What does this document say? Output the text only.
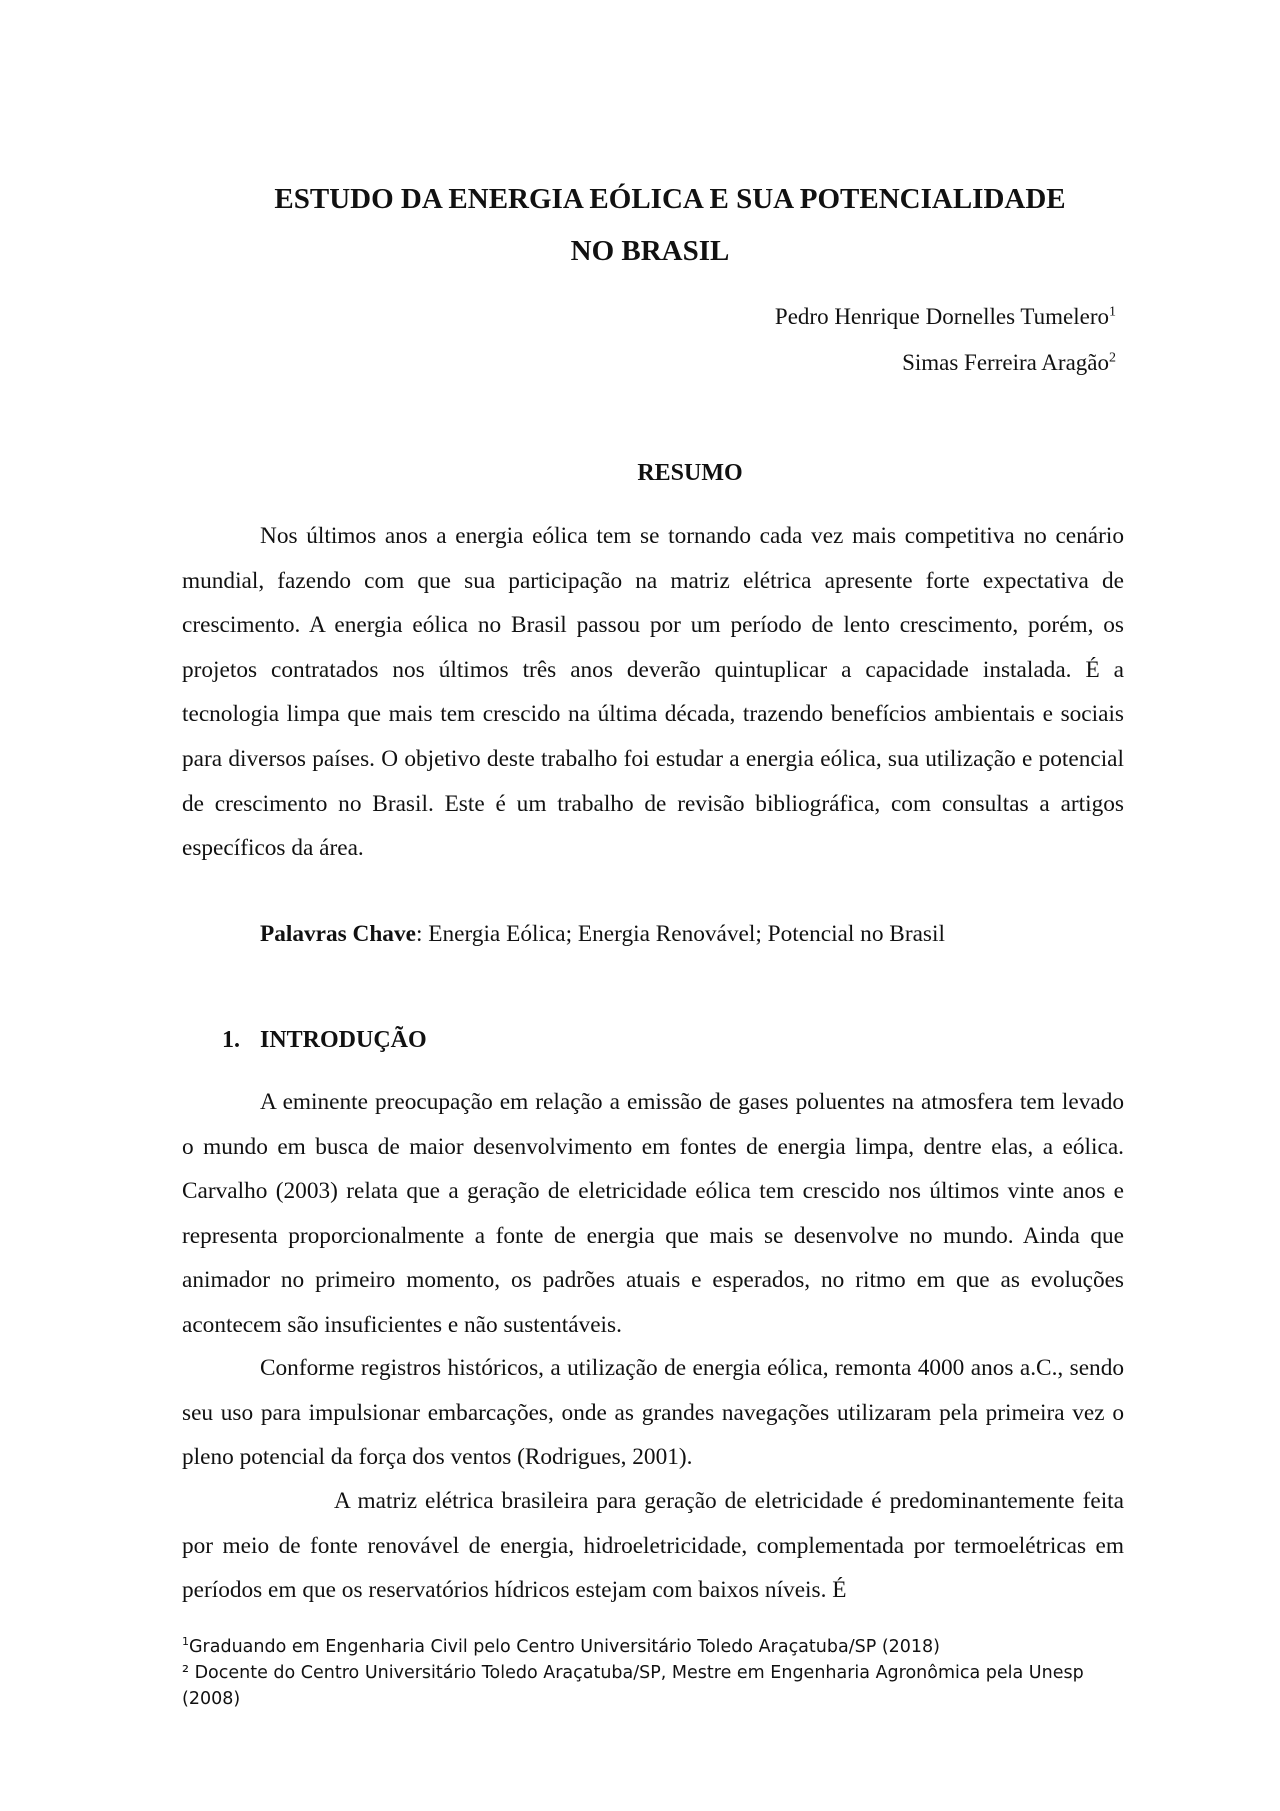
ESTUDO DA ENERGIA EÓLICA E SUA POTENCIALIDADE
NO BRASIL
Pedro Henrique Dornelles Tumelero$^1$
Simas Ferreira Aragão$^2$
RESUMO

Nos últimos anos a energia eólica tem se tornando cada vez mais competitiva no cenário mundial, fazendo com que sua participação na matriz elétrica apresente forte expectativa de crescimento. A energia eólica no Brasil passou por um período de lento crescimento, porém, os projetos contratados nos últimos três anos deverão quintuplicar a capacidade instalada. É a tecnologia limpa que mais tem crescido na última década, trazendo benefícios ambientais e sociais para diversos países. O objetivo deste trabalho foi estudar a energia eólica, sua utilização e potencial de crescimento no Brasil. Este é um trabalho de revisão bibliográfica, com consultas a artigos específicos da área.

Palavras Chave: Energia Eólica; Energia Renovável; Potencial no Brasil
1. INTRODUÇÃO

A eminente preocupação em relação a emissão de gases poluentes na atmosfera tem levado o mundo em busca de maior desenvolvimento em fontes de energia limpa, dentre elas, a eólica. Carvalho (2003) relata que a geração de eletricidade eólica tem crescido nos últimos vinte anos e representa proporcionalmente a fonte de energia que mais se desenvolve no mundo. Ainda que animador no primeiro momento, os padrões atuais e esperados, no ritmo em que as evoluções acontecem são insuficientes e não sustentáveis.

Conforme registros históricos, a utilização de energia eólica, remonta 4000 anos a.C., sendo seu uso para impulsionar embarcações, onde as grandes navegações utilizaram pela primeira vez o pleno potencial da força dos ventos (Rodrigues, 2001).

A matriz elétrica brasileira para geração de eletricidade é predominantemente feita por meio de fonte renovável de energia, hidroeletricidade, complementada por termoelétricas em períodos em que os reservatórios hídricos estejam com baixos níveis. É

$^1$Graduando em Engenharia Civil pelo Centro Universitário Toledo Araçatuba/SP (2018)

² Docente do Centro Universitário Toledo Araçatuba/SP, Mestre em Engenharia Agronômica pela Unesp (2008)
